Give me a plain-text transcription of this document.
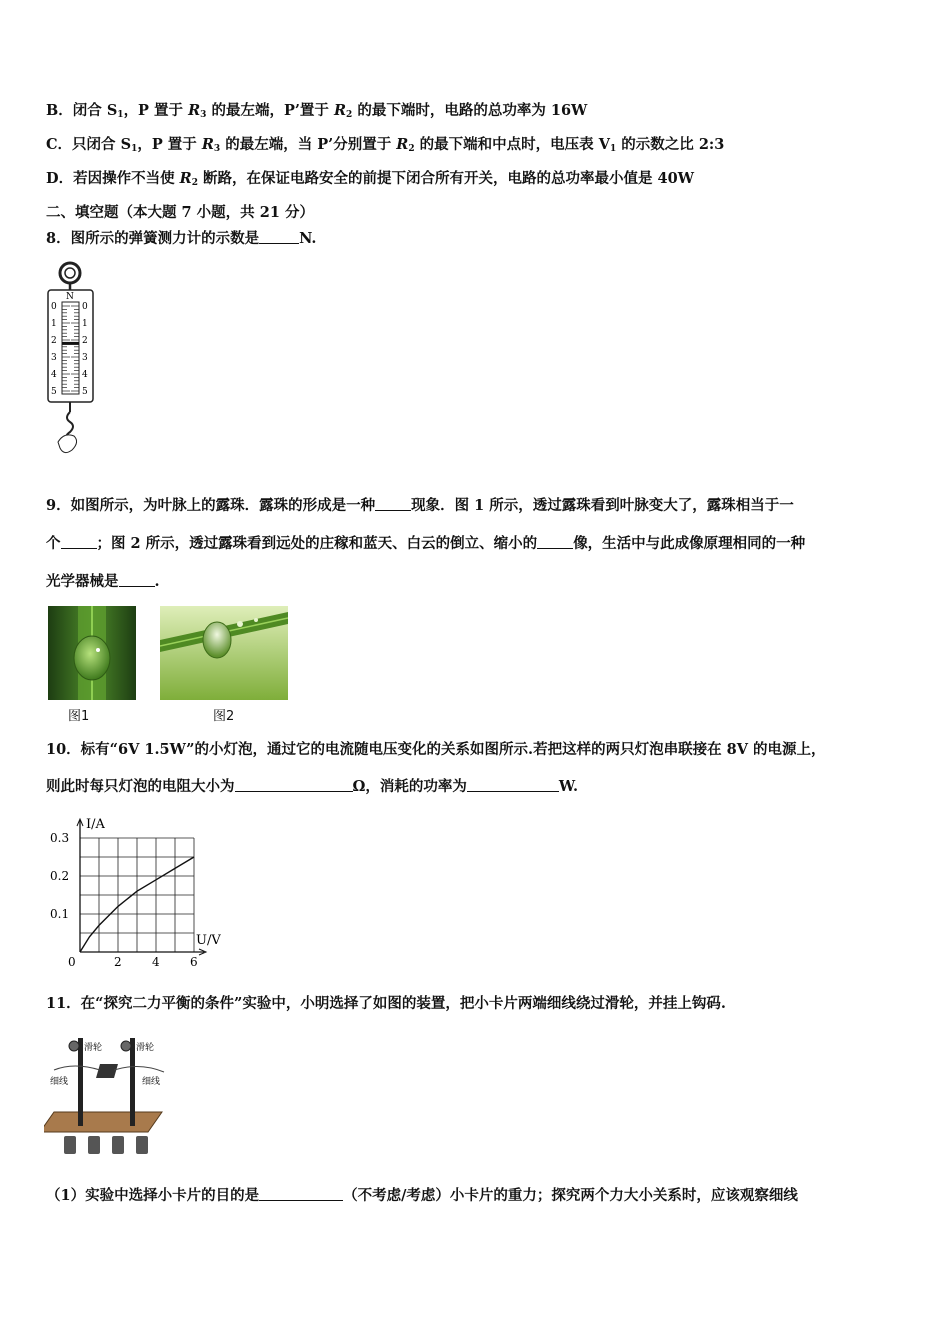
B．闭合 $S_1$，P 置于 $R_3$ 的最左端，P’置于 $R_2$ 的最下端时，电路的总功率为 16W
C．只闭合 $S_1$，P 置于 $R_3$ 的最左端，当 P’分别置于 $R_2$ 的最下端和中点时，电压表 $V_1$ 的示数之比 2:3
D．若因操作不当使 $R_2$ 断路，在保证电路安全的前提下闭合所有开关，电路的总功率最小值是 40W
二、填空题（本大题 7 小题，共 21 分）
8．图所示的弹簧测力计的示数是	N.
N
0
1
2
3
4
5
0
1
2
3
4
5
9．如图所示，为叶脉上的露珠．露珠的形成是一种 现象．图 1 所示，透过露珠看到叶脉变大了，露珠相当于一
个 ；图 2 所示，透过露珠看到远处的庄稼和蓝天、白云的倒立、缩小的 像，生活中与此成像原理相同的一种
光学器械是 .
图1	图2
10．标有“6V 1.5W”的小灯泡，通过它的电流随电压变化的关系如图所示.若把这样的两只灯泡串联接在 8V 的电源上，
则此时每只灯泡的电阻大小为	Ω，消耗的功率为	W.
2	4	6
0.1
0.2
0.3
0
I/A
U/V
11．在“探究二力平衡的条件”实验中，小明选择了如图的装置，把小卡片两端细线绕过滑轮，并挂上钩码.
滑轮	滑轮
细线	细线
（1）实验中选择小卡片的目的是	（不考虑/考虑）小卡片的重力；探究两个力大小关系时，应该观察细线
